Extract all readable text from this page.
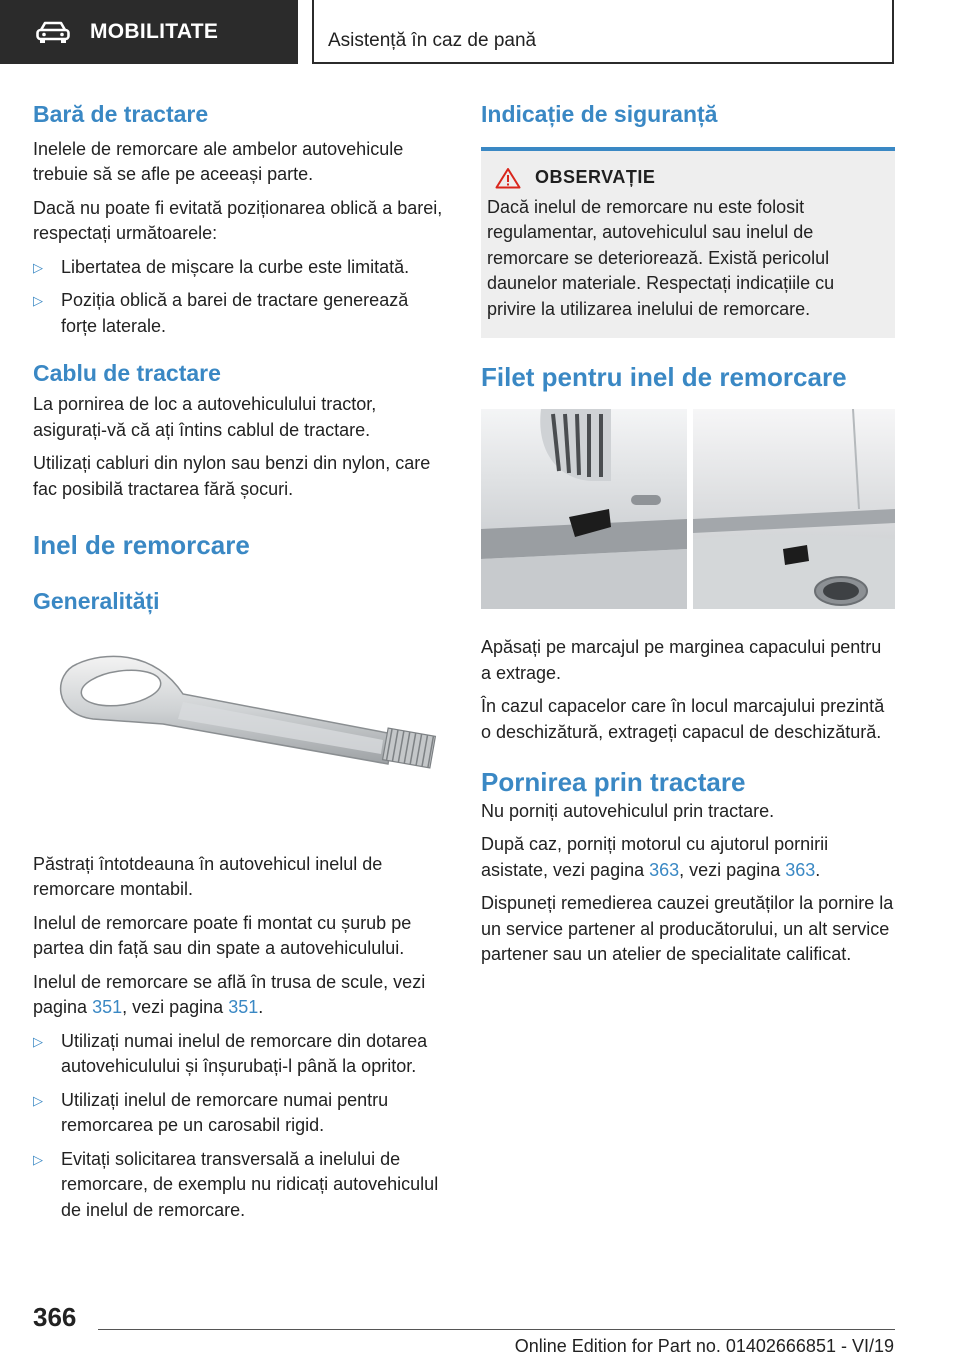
MOBILITATE	Asistență în caz de pană
Bară de tractare

Inelele de remorcare ale ambelor autovehicule trebuie să se afle pe aceeași parte.

Dacă nu poate fi evitată poziționarea oblică a barei, respectați următoarele:

▷ Libertatea de mișcare la curbe este limitată.
▷ Poziția oblică a barei de tractare generează forțe laterale.
Cablu de tractare

La pornirea de loc a autovehiculului tractor, asigurați-vă că ați întins cablul de tractare.

Utilizați cabluri din nylon sau benzi din nylon, care fac posibilă tractarea fără șocuri.

Inel de remorcare
Generalități

Păstrați întotdeauna în autovehicul inelul de remorcare montabil.

Inelul de remorcare poate fi montat cu șurub pe partea din față sau din spate a autovehiculului.

Inelul de remorcare se află în trusa de scule, vezi pagina 351, vezi pagina 351.

▷ Utilizați numai inelul de remorcare din dotarea autovehiculului și înșurubați-l până la opritor.
▷ Utilizați inelul de remorcare numai pentru remorcarea pe un carosabil rigid.
▷ Evitați solicitarea transversală a inelului de remorcare, de exemplu nu ridicați autovehiculul de inelul de remorcare.
Indicație de siguranță
OBSERVAȚIE

Dacă inelul de remorcare nu este folosit regulamentar, autovehiculul sau inelul de remorcare se deteriorează. Există pericolul daunelor materiale. Respectați indicațiile cu privire la utilizarea inelului de remorcare.

Filet pentru inel de remorcare

Apăsați pe marcajul pe marginea capacului pentru a extrage.

În cazul capacelor care în locul marcajului prezintă o deschizătură, extrageți capacul de deschizătură.

Pornirea prin tractare

Nu porniți autovehiculul prin tractare.

După caz, porniți motorul cu ajutorul pornirii asistate, vezi pagina 363, vezi pagina 363.

Dispuneți remedierea cauzei greutăților la pornire la un service partener al producătorului, un alt service partener sau un atelier de specialitate calificat.

366
Online Edition for Part no. 01402666851 - VI/19
